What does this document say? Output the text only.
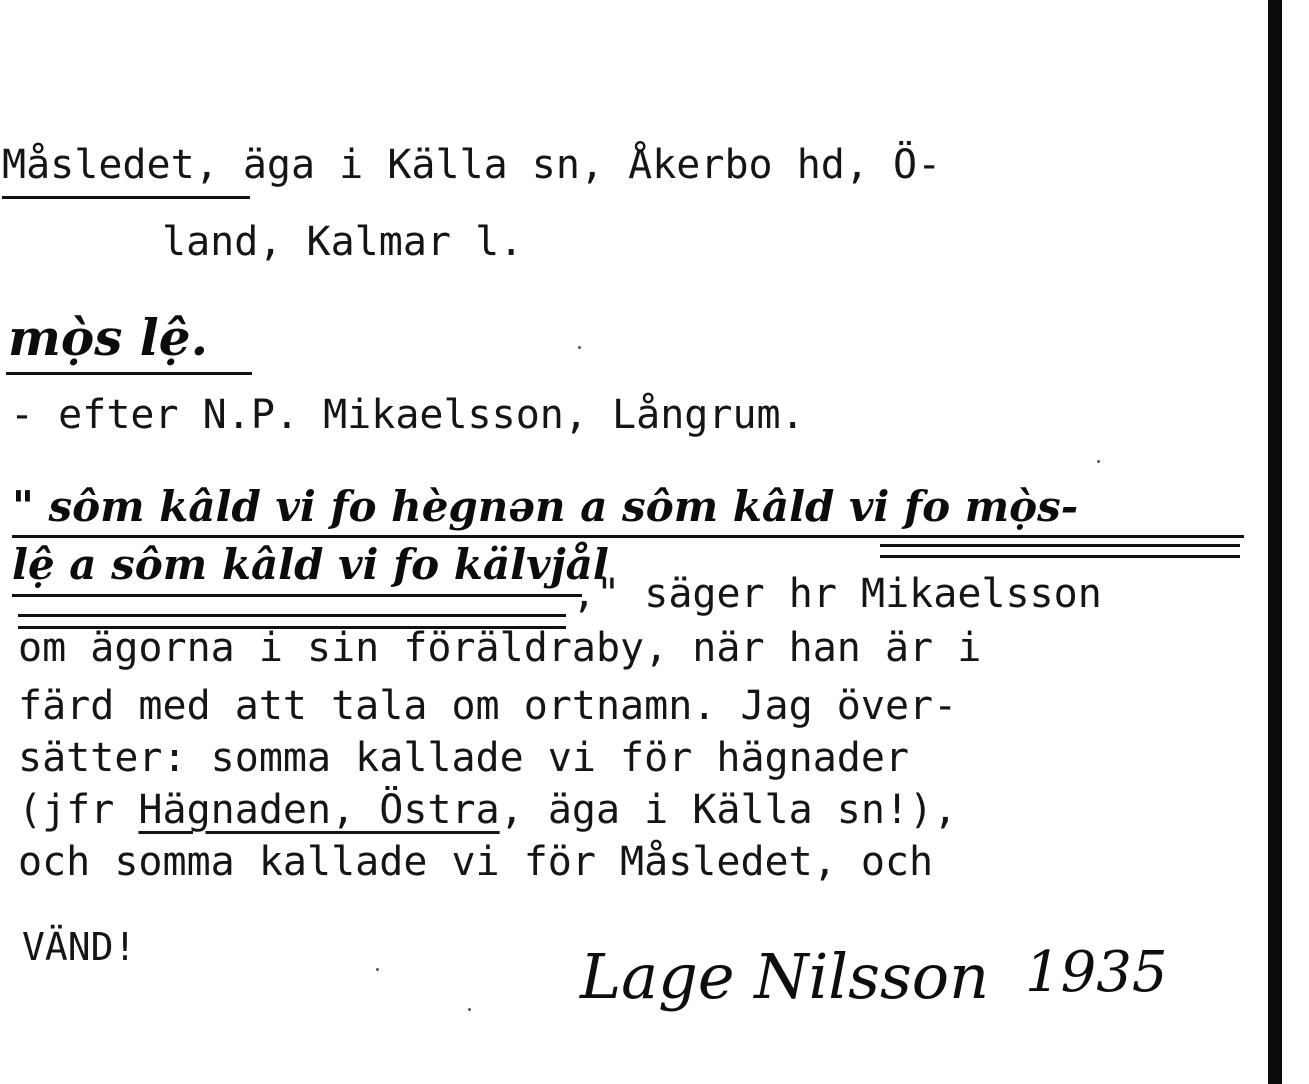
Måsledet, äga i Källa sn, Åkerbo hd, Ö-
land, Kalmar l.
mọ̀s lệ.
- efter N.P. Mikaelsson, Långrum.
" sôm kâld vi fo hègnən a sôm kâld vi fo mọ̀s-
lệ a sôm kâld vi fo kälvjål
," säger hr Mikaelsson
om ägorna i sin föräldraby, när han är i
färd med att tala om ortnamn. Jag över-
sätter: somma kallade vi för hägnader
(jfr Hägnaden, Östra, äga i Källa sn!),
och somma kallade vi för Måsledet, och
VÄND!	Lage Nilsson 1935
